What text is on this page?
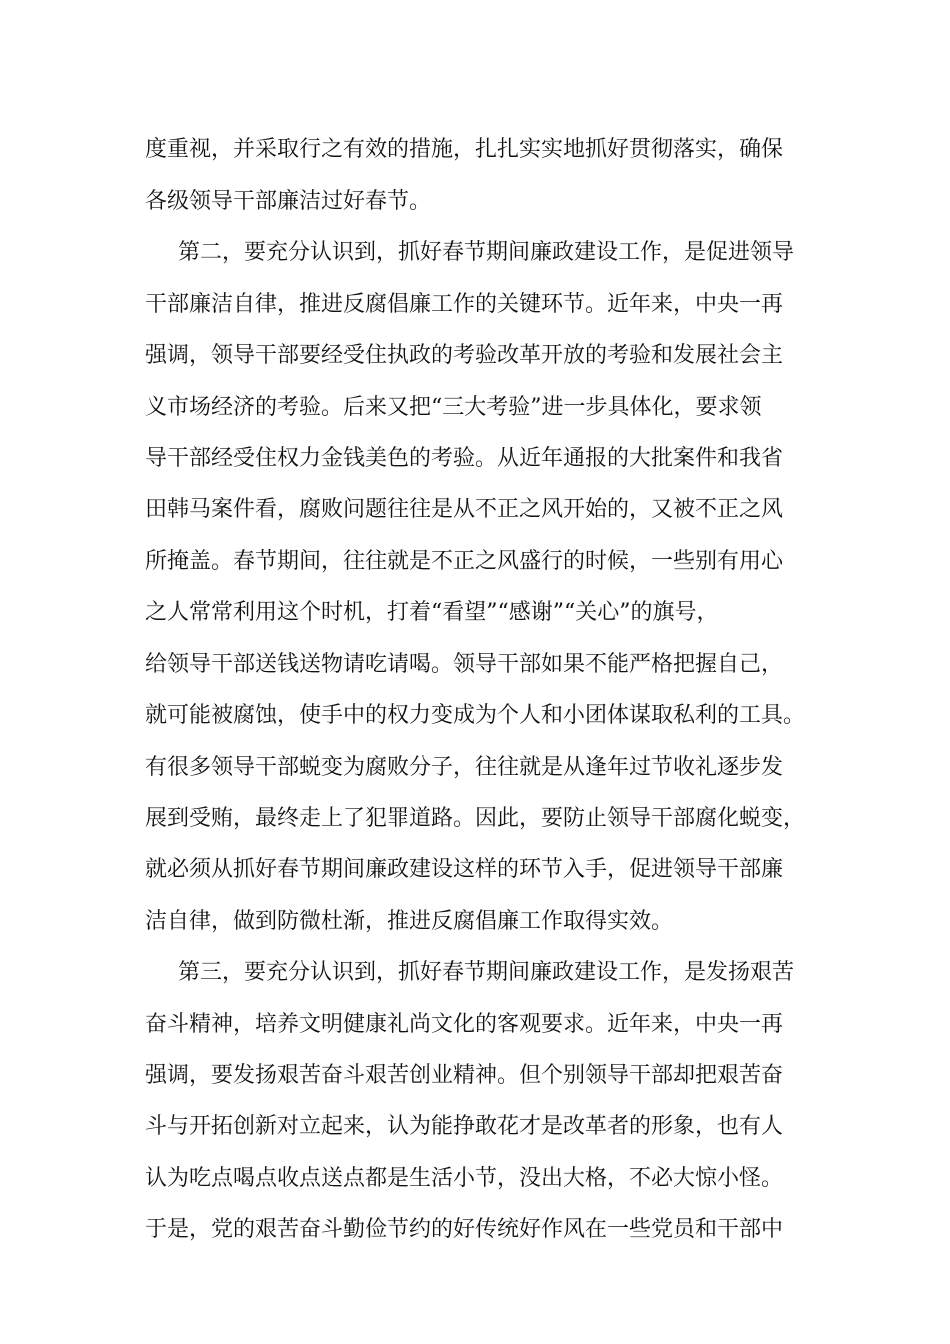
度重视，并采取行之有效的措施，扎扎实实地抓好贯彻落实，确保
各级领导干部廉洁过好春节。
第二，要充分认识到，抓好春节期间廉政建设工作，是促进领导
干部廉洁自律，推进反腐倡廉工作的关键环节。近年来，中央一再
强调，领导干部要经受住执政的考验改革开放的考验和发展社会主
义市场经济的考验。后来又把“三大考验”进一步具体化，要求领
导干部经受住权力金钱美色的考验。从近年通报的大批案件和我省
田韩马案件看，腐败问题往往是从不正之风开始的，又被不正之风
所掩盖。春节期间，往往就是不正之风盛行的时候，一些别有用心
之人常常利用这个时机，打着“看望”“感谢”“关心”的旗号，
给领导干部送钱送物请吃请喝。领导干部如果不能严格把握自己，
就可能被腐蚀，使手中的权力变成为个人和小团体谋取私利的工具。
有很多领导干部蜕变为腐败分子，往往就是从逢年过节收礼逐步发
展到受贿，最终走上了犯罪道路。因此，要防止领导干部腐化蜕变，
就必须从抓好春节期间廉政建设这样的环节入手，促进领导干部廉
洁自律，做到防微杜渐，推进反腐倡廉工作取得实效。
第三，要充分认识到，抓好春节期间廉政建设工作，是发扬艰苦
奋斗精神，培养文明健康礼尚文化的客观要求。近年来，中央一再
强调，要发扬艰苦奋斗艰苦创业精神。但个别领导干部却把艰苦奋
斗与开拓创新对立起来，认为能挣敢花才是改革者的形象，也有人
认为吃点喝点收点送点都是生活小节，没出大格，不必大惊小怪。
于是，党的艰苦奋斗勤俭节约的好传统好作风在一些党员和干部中
